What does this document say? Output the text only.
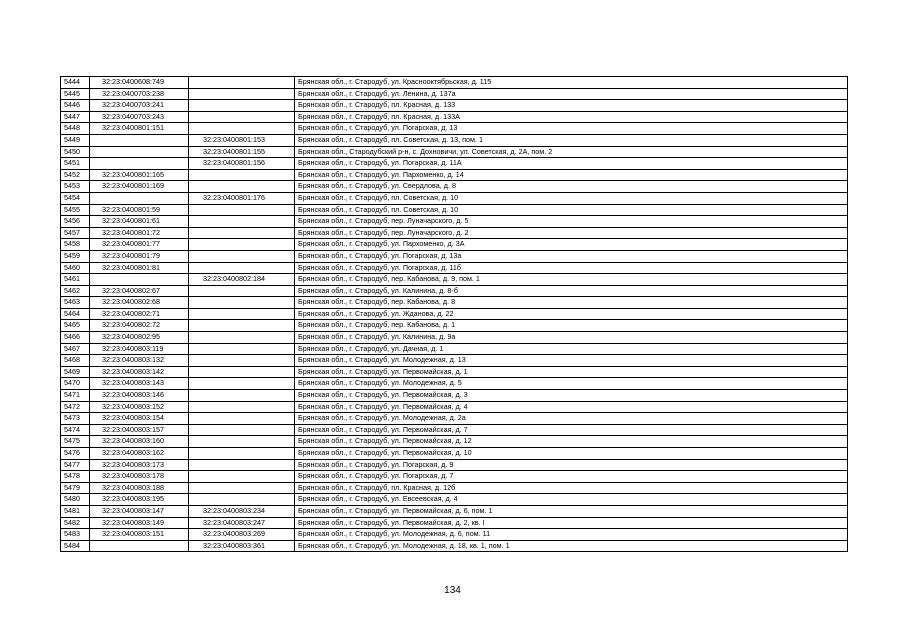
5444	32:23:0400608:749		Брянская обл., г. Стародуб, ул. Краснооктябрьская, д. 115
5445	32:23:0400703:238		Брянская обл., г. Стародуб, ул. Ленина, д. 137а
5446	32:23:0400703:241		Брянская обл., г. Стародуб, пл. Красная, д. 133
5447	32:23:0400703:243		Брянская обл., г. Стародуб, пл. Красная, д. 133А
5448	32:23:0400801:151		Брянская обл., г. Стародуб, ул. Погарская, д. 13
5449		32:23:0400801:153	Брянская обл., г. Стародуб, пл. Советская, д. 13, пом. 1
5450		32:23:0400801:155	Брянская обл., Стародубский р-н, с. Дохновичи, ул. Советская, д. 2А, пом. 2
5451		32:23:0400801:156	Брянская обл., г. Стародуб, ул. Погарская, д. 11А
5452	32:23:0400801:165		Брянская обл., г. Стародуб, ул. Пархоменко, д. 14
5453	32:23:0400801:169		Брянская обл., г. Стародуб, ул. Свердлова, д. 8
5454		32:23:0400801:176	Брянская обл., г. Стародуб, пл. Советская, д. 10
5455	32:23:0400801:59		Брянская обл., г. Стародуб, пл. Советская, д. 10
5456	32:23:0400801:61		Брянская обл., г. Стародуб, пер. Луначарского, д. 5
5457	32:23:0400801:72		Брянская обл., г. Стародуб, пер. Луначарского, д. 2
5458	32:23:0400801:77		Брянская обл., г. Стародуб, ул. Пархоменко, д. 3А
5459	32:23:0400801:79		Брянская обл., г. Стародуб, ул. Погарская, д. 13а
5460	32:23:0400801:81		Брянская обл., г. Стародуб, ул. Погарская, д. 11б
5461		32:23:0400802:184	Брянская обл., г. Стародуб, пер. Кабанова, д. 9, пом. 1
5462	32:23:0400802:67		Брянская обл., г. Стародуб, ул. Калинина, д. 8-б
5463	32:23:0400802:68		Брянская обл., г. Стародуб, пер. Кабанова, д. 8
5464	32:23:0400802:71		Брянская обл., г. Стародуб, ул. Жданова, д. 22
5465	32:23:0400802:72		Брянская обл., г. Стародуб, пер. Кабанова, д. 1
5466	32:23:0400802:95		Брянская обл., г. Стародуб, ул. Калинина, д. 9а
5467	32:23:0400803:119		Брянская обл., г. Стародуб, ул. Дачная, д. 1
5468	32:23:0400803:132		Брянская обл., г. Стародуб, ул. Молодежная, д. 13
5469	32:23:0400803:142		Брянская обл., г. Стародуб, ул. Первомайская, д. 1
5470	32:23:0400803:143		Брянская обл., г. Стародуб, ул. Молодежная, д. 5
5471	32:23:0400803:146		Брянская обл., г. Стародуб, ул. Первомайская, д. 3
5472	32:23:0400803:152		Брянская обл., г. Стародуб, ул. Первомайская, д. 4
5473	32:23:0400803:154		Брянская обл., г. Стародуб, ул. Молодежная, д. 2а
5474	32:23:0400803:157		Брянская обл., г. Стародуб, ул. Первомайская, д. 7
5475	32:23:0400803:160		Брянская обл., г. Стародуб, ул. Первомайская, д. 12
5476	32:23:0400803:162		Брянская обл., г. Стародуб, ул. Первомайская, д. 10
5477	32:23:0400803:173		Брянская обл., г. Стародуб, ул. Погарская, д. 9
5478	32:23:0400803:178		Брянская обл., г. Стародуб, ул. Погарская, д. 7
5479	32:23:0400803:188		Брянская обл., г. Стародуб, пл. Красная, д. 12б
5480	32:23:0400803:195		Брянская обл., г. Стародуб, ул. Евсеевская, д. 4
5481	32:23:0400803:147	32:23:0400803:234	Брянская обл., г. Стародуб, ул. Первомайская, д. 6, пом. 1
5482	32:23:0400803:149	32:23:0400803:247	Брянская обл., г. Стародуб, ул. Первомайская, д. 2, кв. I
5483	32:23:0400803:151	32:23:0400803:269	Брянская обл., г. Стародуб, ул. Молодежная, д. 6, пом. 11
5484		32:23:0400803:361	Брянская обл., г. Стародуб, ул. Молодежная, д. 18, кв. 1, пом. 1
134
